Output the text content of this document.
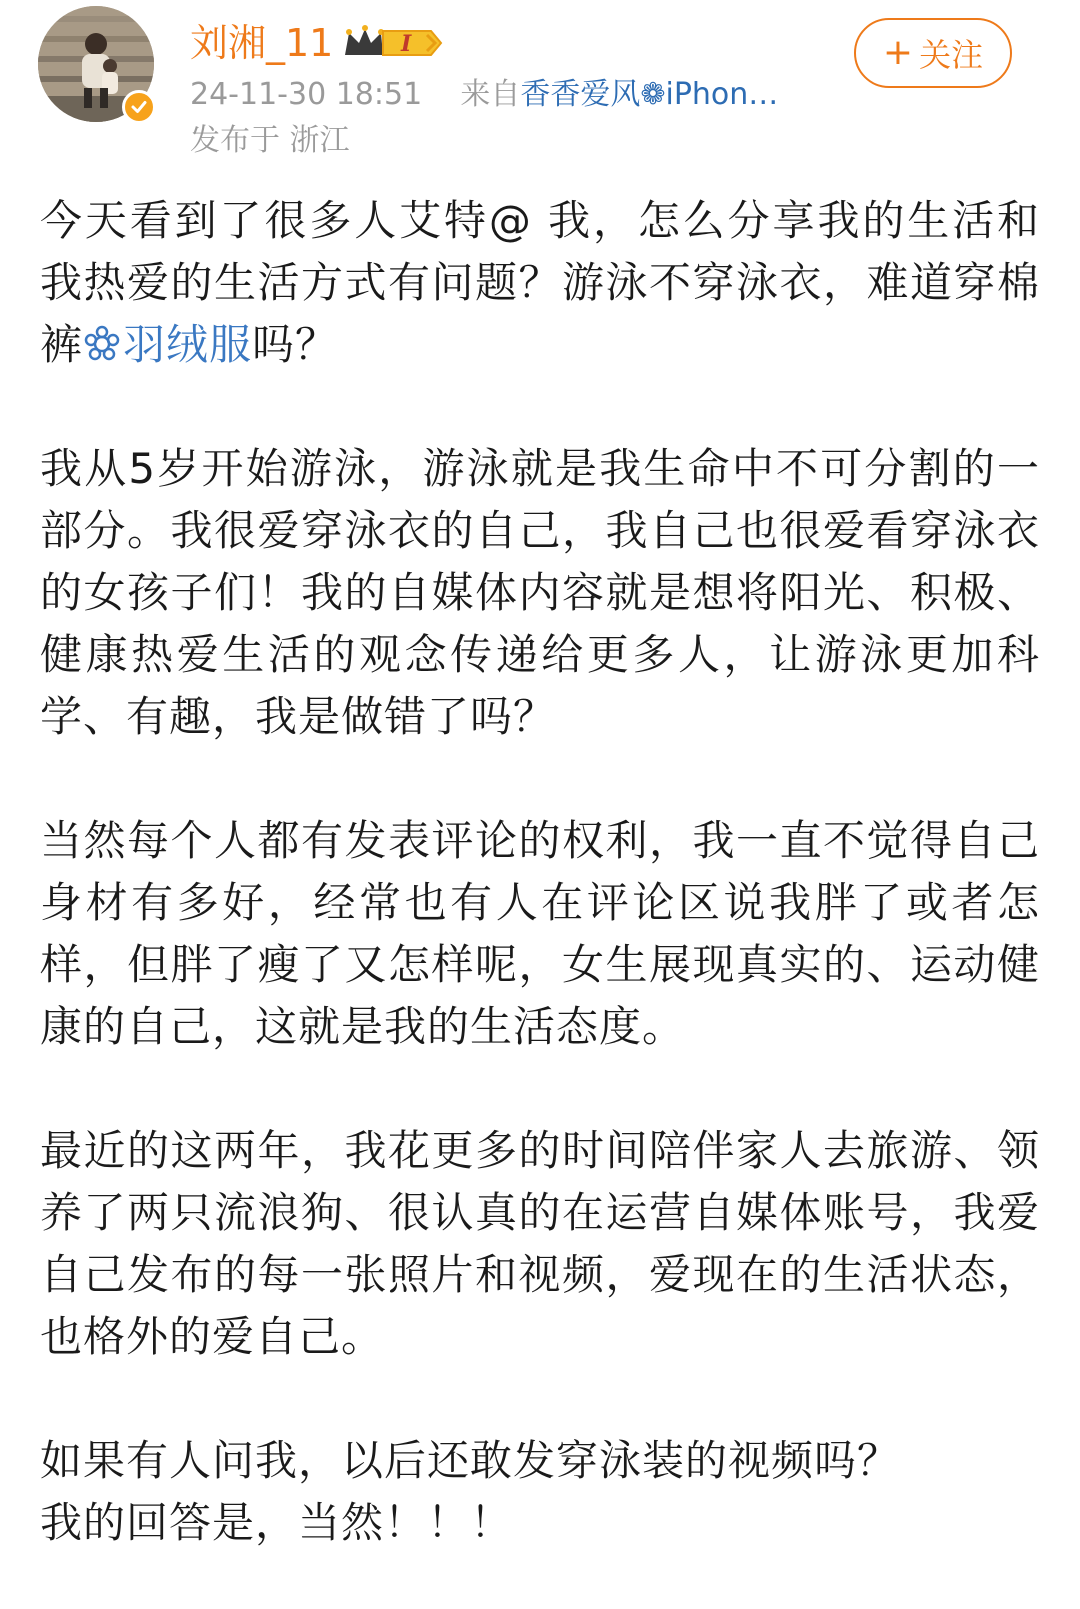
刘湘_11	I
24-11-30 18:51 来自香香爱风❁iPhon…
发布于 浙江
+ 关注

今天看到了很多人艾特@ 我，怎么分享我的生活和我热爱的生活方式有问题？游泳不穿泳衣，难道穿棉裤 羽绒服吗？

我从5岁开始游泳，游泳就是我生命中不可分割的一部分。我很爱穿泳衣的自己，我自己也很爱看穿泳衣的女孩子们！我的自媒体内容就是想将阳光、积极、健康热爱生活的观念传递给更多人，让游泳更加科学、有趣，我是做错了吗？

当然每个人都有发表评论的权利，我一直不觉得自己身材有多好，经常也有人在评论区说我胖了或者怎样，但胖了瘦了又怎样呢，女生展现真实的、运动健康的自己，这就是我的生活态度。

最近的这两年，我花更多的时间陪伴家人去旅游、领养了两只流浪狗、很认真的在运营自媒体账号，我爱自己发布的每一张照片和视频，爱现在的生活状态，也格外的爱自己。

如果有人问我，以后还敢发穿泳装的视频吗？
我的回答是，当然！！！
